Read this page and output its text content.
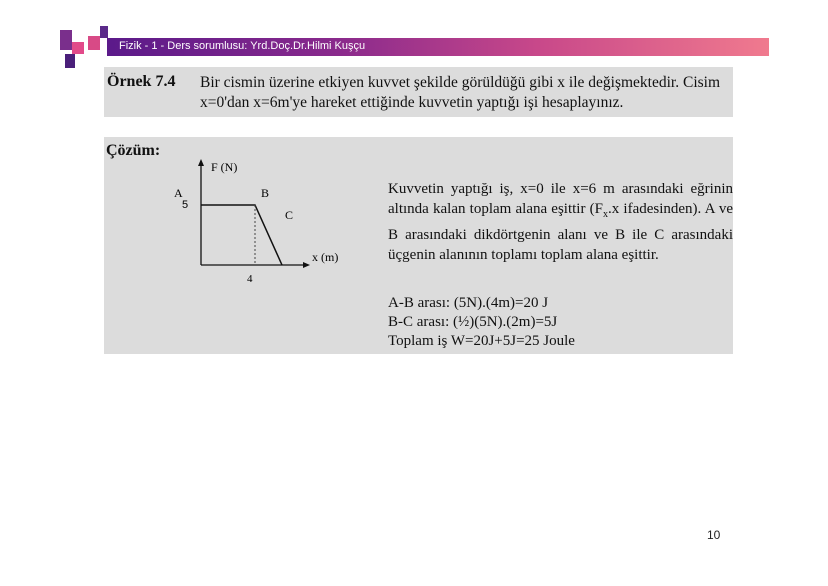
Fizik - 1 - Ders sorumlusu: Yrd.Doç.Dr.Hilmi Kuşçu
Örnek 7.4 Bir cismin üzerine etkiyen kuvvet şekilde görüldüğü gibi x ile değişmektedir. Cisim x=0'dan x=6m'ye hareket ettiğinde kuvvetin yaptığı işi hesaplayınız.
Çözüm:
F (N)
x (m)
A
5
B
C
4
Kuvvetin yaptığı iş, x=0 ile x=6 m arasındaki eğrinin altında kalan toplam alana eşittir ($F_x.x$ ifadesinden). A ve B arasındaki dikdörtgenin alanı ve B ile C arasındaki üçgenin alanının toplamı toplam alana eşittir.
A-B arası: (5N).(4m)=20 J
B-C arası: (½)(5N).(2m)=5J
Toplam iş W=20J+5J=25 Joule
10
